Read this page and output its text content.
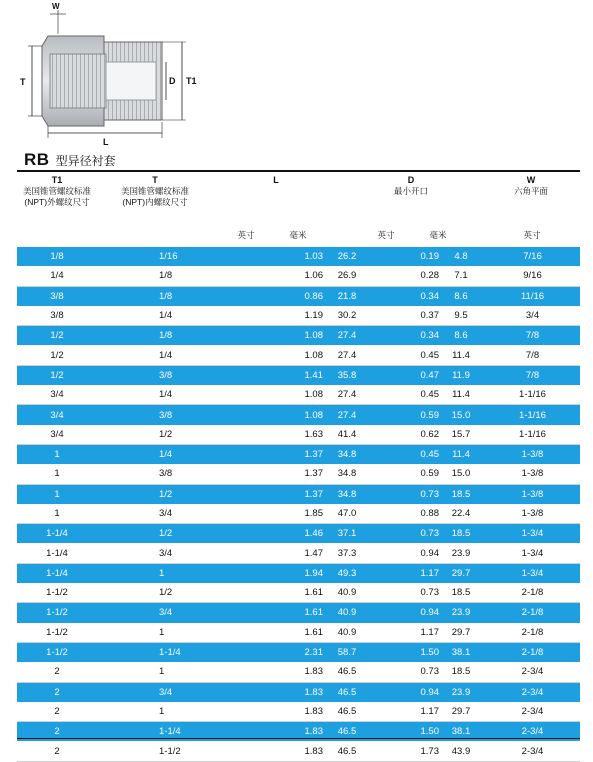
W
T	D T1
L
RB 型异径衬套
T1
美国锥管螺纹标准
(NPT)外螺纹尺寸
T
美国锥管螺纹标准
(NPT)内螺纹尺寸
L	D
最小开口
W
六角平面
英寸	毫米	英寸	毫米	英寸
1/8	1/16	1.03	26.2	0.19	4.8	7/16
1/4	1/8	1.06	26.9	0.28	7.1	9/16
3/8	1/8	0.86	21.8	0.34	8.6	11/16
3/8	1/4	1.19	30.2	0.37	9.5	3/4
1/2	1/8	1.08	27.4	0.34	8.6	7/8
1/2	1/4	1.08	27.4	0.45	11.4	7/8
1/2	3/8	1.41	35.8	0.47	11.9	7/8
3/4	1/4	1.08	27.4	0.45	11.4	1-1/16
3/4	3/8	1.08	27.4	0.59	15.0	1-1/16
3/4	1/2	1.63	41.4	0.62	15.7	1-1/16
1	1/4	1.37	34.8	0.45	11.4	1-3/8
1	3/8	1.37	34.8	0.59	15.0	1-3/8
1	1/2	1.37	34.8	0.73	18.5	1-3/8
1	3/4	1.85	47.0	0.88	22.4	1-3/8
1-1/4	1/2	1.46	37.1	0.73	18.5	1-3/4
1-1/4	3/4	1.47	37.3	0.94	23.9	1-3/4
1-1/4	1	1.94	49.3	1.17	29.7	1-3/4
1-1/2	1/2	1.61	40.9	0.73	18.5	2-1/8
1-1/2	3/4	1.61	40.9	0.94	23.9	2-1/8
1-1/2	1	1.61	40.9	1.17	29.7	2-1/8
1-1/2	1-1/4	2.31	58.7	1.50	38.1	2-1/8
2	1	1.83	46.5	0.73	18.5	2-3/4
2	3/4	1.83	46.5	0.94	23.9	2-3/4
2	1	1.83	46.5	1.17	29.7	2-3/4
2	1-1/4	1.83	46.5	1.50	38.1	2-3/4
2	1-1/2	1.83	46.5	1.73	43.9	2-3/4
